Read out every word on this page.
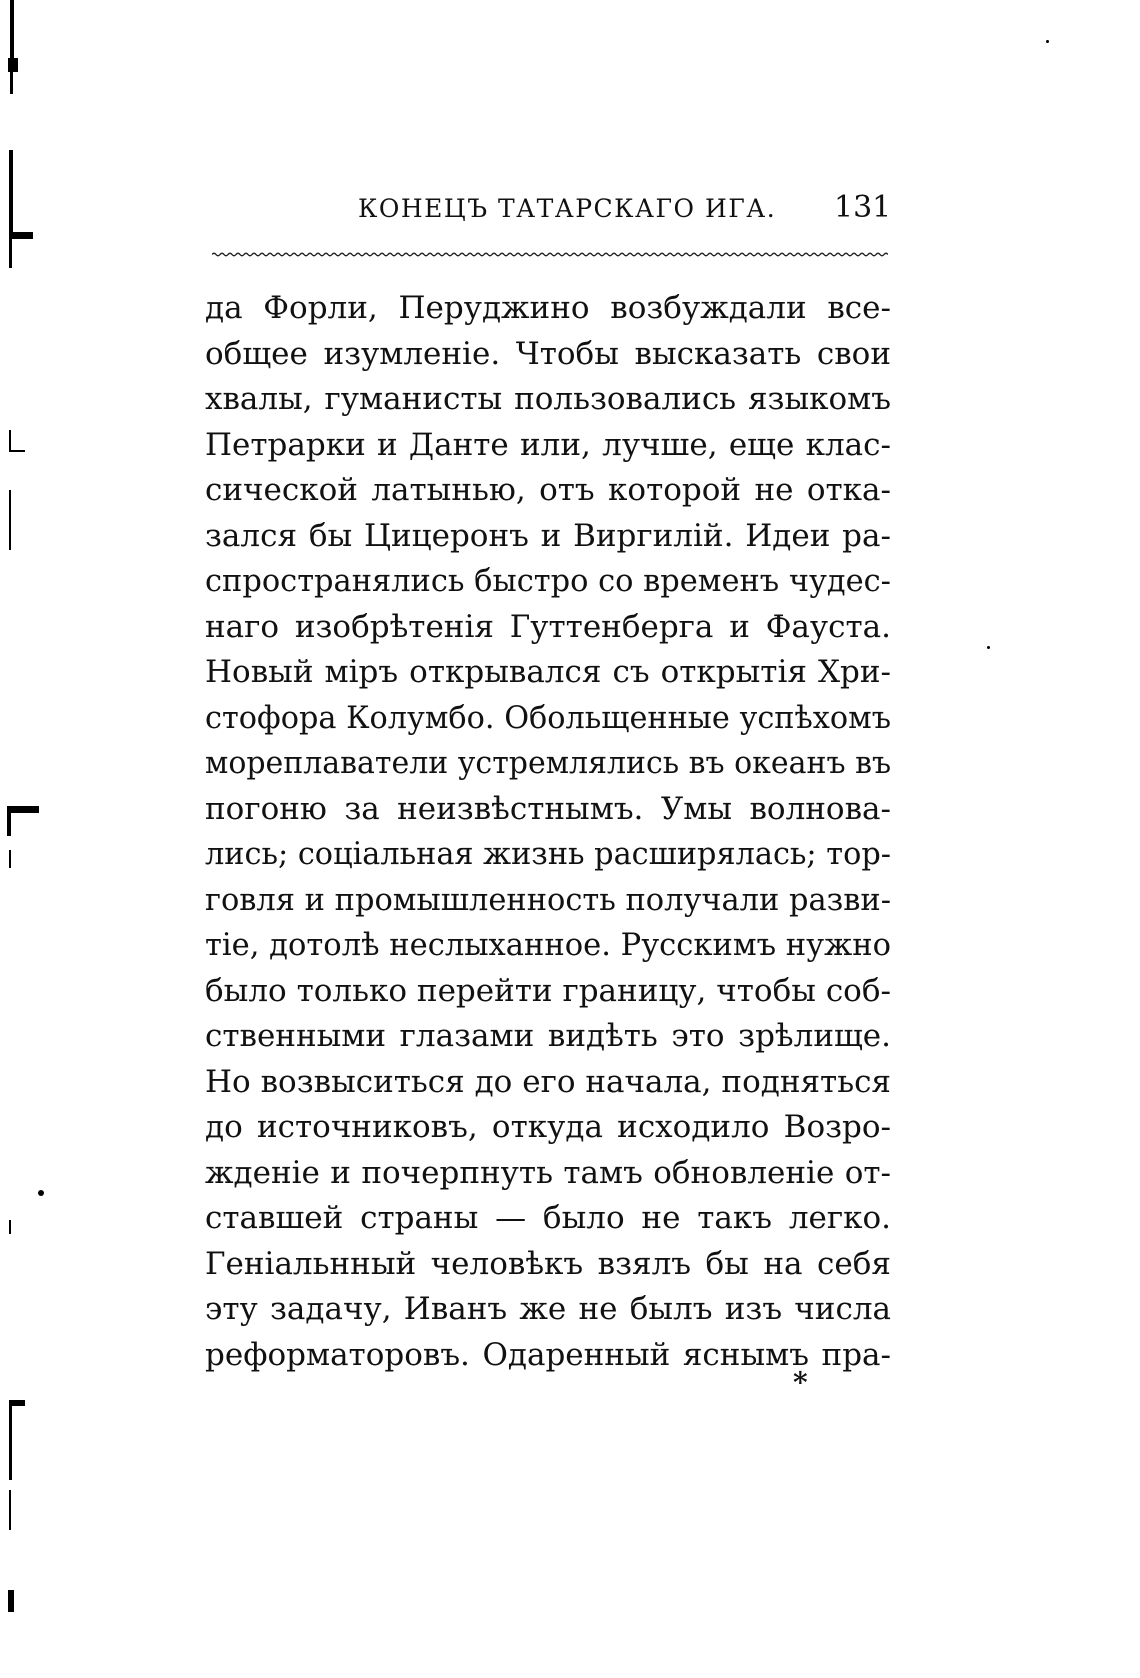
КОНЕЦЪ ТАТАРСКАГО ИГА. 131
да Форли, Перуджино возбуждали все-
общее изумленіе. Чтобы высказать свои
хвалы, гуманисты пользовались языкомъ
Петрарки и Данте или, лучше, еще клас-
сической латынью, отъ которой не отка-
зался бы Цицеронъ и Виргилій. Идеи ра-
спространялись быстро со временъ чудес-
наго изобрѣтенія Гуттенберга и Фауста.
Новый міръ открывался съ открытія Хри-
стофора Колумбо. Обольщенные успѣхомъ
мореплаватели устремлялись въ океанъ въ
погоню за неизвѣстнымъ. Умы волнова-
лись; соціальная жизнь расширялась; тор-
говля и промышленность получали разви-
тіе, дотолѣ неслыханное. Русскимъ нужно
было только перейти границу, чтобы соб-
ственными глазами видѣть это зрѣлище.
Но возвыситься до его начала, подняться
до источниковъ, откуда исходило Возро-
жденіе и почерпнуть тамъ обновленіе от-
ставшей страны — было не такъ легко.
Геніальнный человѣкъ взялъ бы на себя
эту задачу, Иванъ же не былъ изъ числа
реформаторовъ. Одаренный яснымъ пра-
*
